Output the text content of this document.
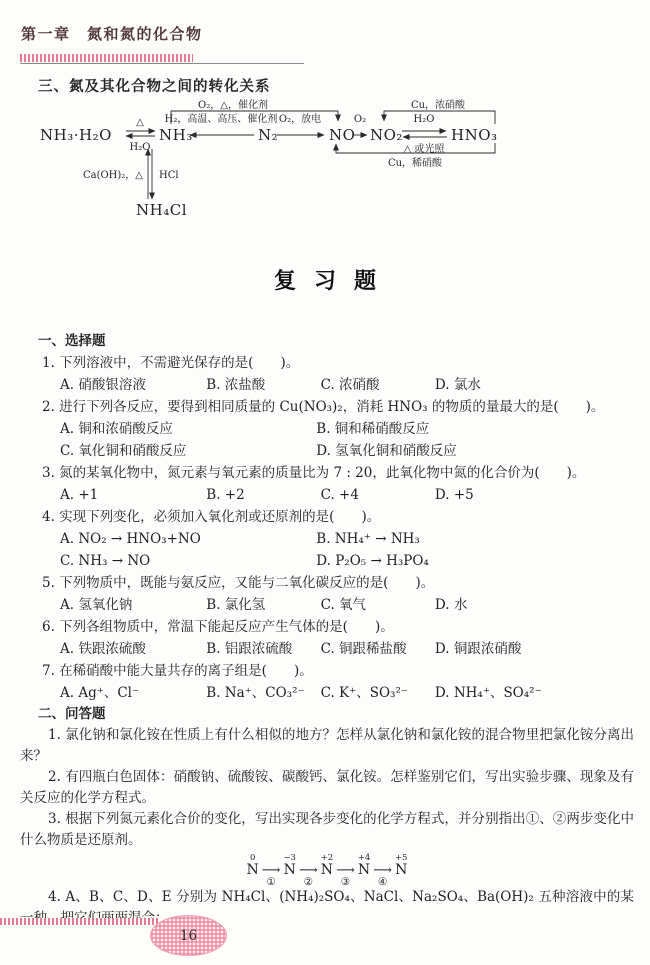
第一章　氮和氮的化合物
三、氮及其化合物之间的转化关系
NH₃·H₂O	NH₃	N₂	NO NO₂	HNO₃
NH₄Cl
△
H₂O
H₂，高温、高压、催化剂 O₂，放电	O₂	H₂O
△ 或光照
O₂，△，催化剂	Cu，浓硝酸
Cu，稀硝酸
Ca(OH)₂，△ HCl
复习题
一、选择题
1. 下列溶液中，不需避光保存的是(　　)。
A. 硝酸银溶液	B. 浓盐酸	C. 浓硝酸	D. 氯水
2. 进行下列各反应，要得到相同质量的 Cu(NO₃)₂，消耗 HNO₃ 的物质的量最大的是(　　)。
A. 铜和浓硝酸反应	B. 铜和稀硝酸反应
C. 氧化铜和硝酸反应	D. 氢氧化铜和硝酸反应
3. 氮的某氧化物中，氮元素与氧元素的质量比为 7 : 20，此氧化物中氮的化合价为(　　)。
A. +1	B. +2	C. +4	D. +5
4. 实现下列变化，必须加入氧化剂或还原剂的是(　　)。
A. NO₂ → HNO₃+NO	B. NH₄⁺ → NH₃
C. NH₃ → NO	D. P₂O₅ → H₃PO₄
5. 下列物质中，既能与氨反应，又能与二氧化碳反应的是(　　)。
A. 氢氧化钠	B. 氯化氢	C. 氧气	D. 水
6. 下列各组物质中，常温下能起反应产生气体的是(　　)。
A. 铁跟浓硫酸	B. 铝跟浓硫酸 C. 铜跟稀盐酸 D. 铜跟浓硝酸
7. 在稀硝酸中能大量共存的离子组是(　　)。
A. Ag⁺、Cl⁻	B. Na⁺、CO₃²⁻ C. K⁺、SO₃²⁻ D. NH₄⁺、SO₄²⁻
二、问答题

1. 氯化钠和氯化铵在性质上有什么相似的地方？怎样从氯化钠和氯化铵的混合物里把氯化铵分离出来？

2. 有四瓶白色固体：硝酸钠、硫酸铵、碳酸钙、氯化铵。怎样鉴别它们，写出实验步骤、现象及有关反应的化学方程式。

3. 根据下列氮元素化合价的变化，写出实现各步变化的化学方程式，并分别指出①、②两步变化中什么物质是还原剂。

0
N ⟶
①
−3
N ⟶
②
+2
N ⟶
③
+4
N ⟶
④
+5
N

4. A、B、C、D、E 分别为 NH₄Cl、(NH₄)₂SO₄、NaCl、Na₂SO₄、Ba(OH)₂ 五种溶液中的某 ：

16
